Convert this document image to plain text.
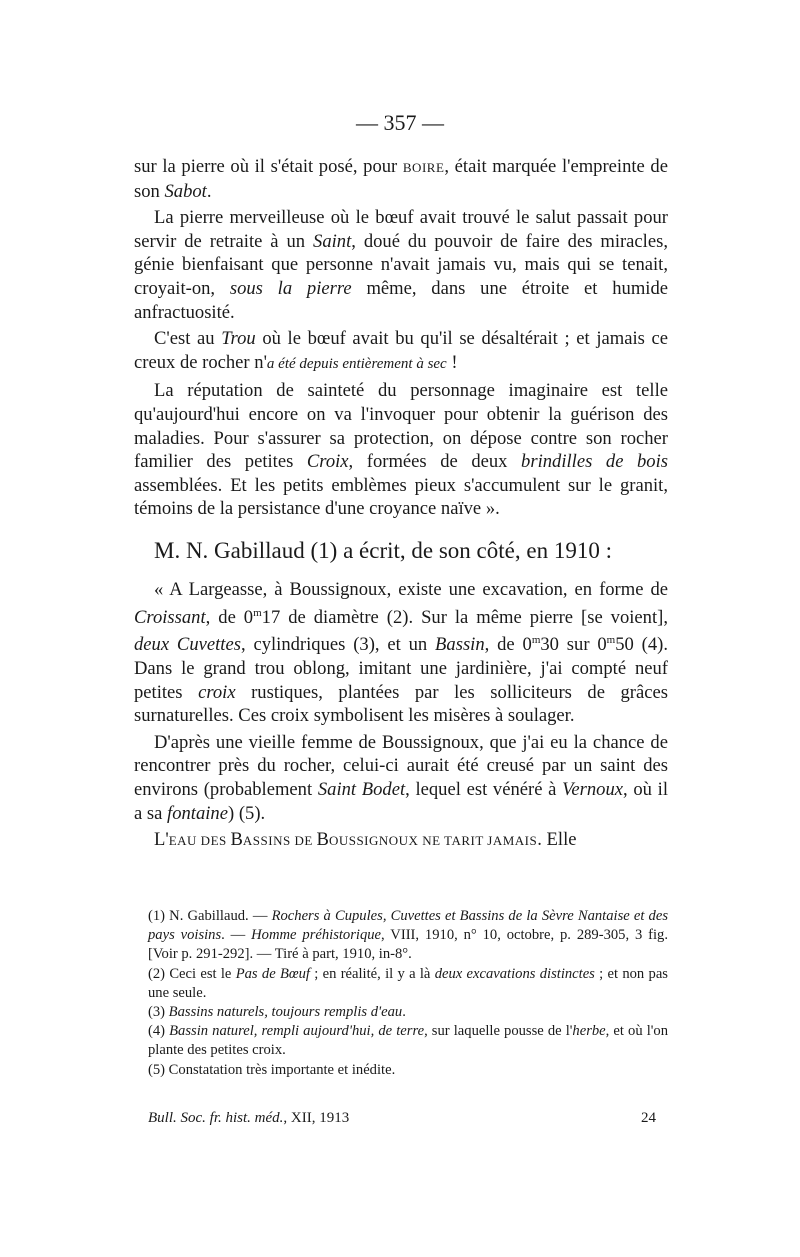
— 357 —

sur la pierre où il s'était posé, pour BOIRE, était marquée l'empreinte de son Sabot.

La pierre merveilleuse où le bœuf avait trouvé le salut passait pour servir de retraite à un Saint, doué du pouvoir de faire des miracles, génie bienfaisant que personne n'avait jamais vu, mais qui se tenait, croyait-on, sous la pierre même, dans une étroite et humide anfractuosité.

C'est au Trou où le bœuf avait bu qu'il se désaltérait ; et jamais ce creux de rocher n'a été depuis entièrement à sec !

La réputation de sainteté du personnage imaginaire est telle qu'aujourd'hui encore on va l'invoquer pour obtenir la guérison des maladies. Pour s'assurer sa protection, on dépose contre son rocher familier des petites Croix, formées de deux brindilles de bois assemblées. Et les petits emblèmes pieux s'accumulent sur le granit, témoins de la persistance d'une croyance naïve ».

M. N. Gabillaud (1) a écrit, de son côté, en 1910 :

« A Largeasse, à Boussignoux, existe une excavation, en forme de Croissant, de 0$^m$17 de diamètre (2). Sur la même pierre [se voient], deux Cuvettes, cylindriques (3), et un Bassin, de 0$^m$30 sur 0$^m$50 (4). Dans le grand trou oblong, imitant une jardinière, j'ai compté neuf petites croix rustiques, plantées par les solliciteurs de grâces surnaturelles. Ces croix symbolisent les misères à soulager.

D'après une vieille femme de Boussignoux, que j'ai eu la chance de rencontrer près du rocher, celui-ci aurait été creusé par un saint des environs (probablement Saint Bodet, lequel est vénéré à Vernoux, où il a sa fontaine) (5).

L'EAU DES BASSINS DE BOUSSIGNOUX NE TARIT JAMAIS. Elle

(1) N. Gabillaud. — Rochers à Cupules, Cuvettes et Bassins de la Sèvre Nantaise et des pays voisins. — Homme préhistorique, VIII, 1910, n° 10, octobre, p. 289-305, 3 fig. [Voir p. 291-292]. — Tiré à part, 1910, in-8°.

(2) Ceci est le Pas de Bœuf ; en réalité, il y a là deux excavations distinctes ; et non pas une seule.

(3) Bassins naturels, toujours remplis d'eau.

(4) Bassin naturel, rempli aujourd'hui, de terre, sur laquelle pousse de l'herbe, et où l'on plante des petites croix.

(5) Constatation très importante et inédite.

Bull. Soc. fr. hist. méd., XII, 1913	24
